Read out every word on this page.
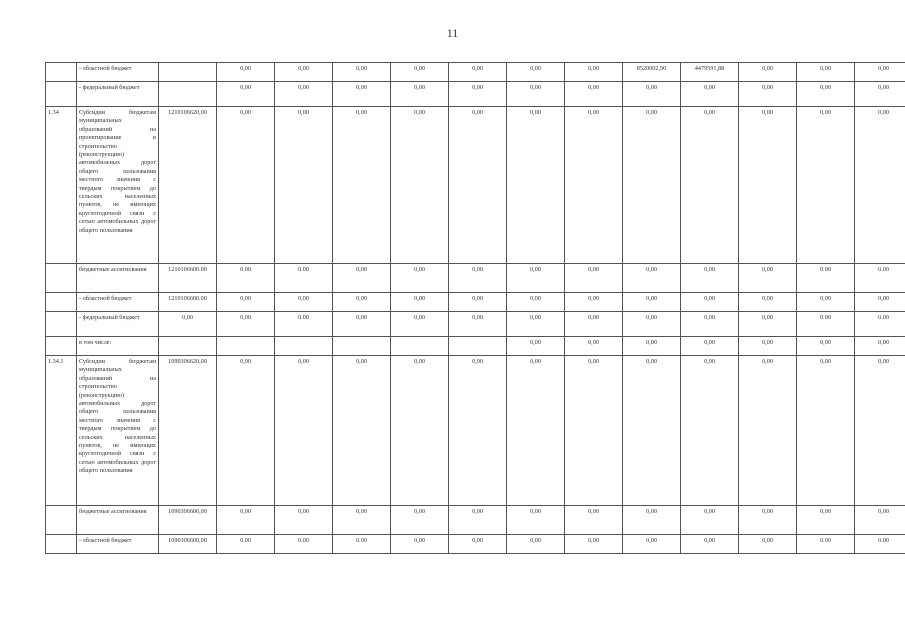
11
	- областной бюджет		0,00	0,00	0,00	0,00	0,00	0,00	0,00	8520002,90	4479591,88	0,00	0,00	0,00
	- федеральный бюджет		0,00	0,00	0,00	0,00	0,00	0,00	0,00	0,00	0,00	0,00	0,00	0,00
1.34	Субсидии бюджетам муниципальных образований на проектирование и строительство (реконструкцию) автомобильных дорог общего пользования местного значения с твердым покрытием до сельских населенных пунктов, не имеющих круглогодичной связи с сетью автомобильных дорог общего пользования	1210106620,00	0,00	0,00	0,00	0,00	0,00	0,00	0,00	0,00	0,00	0,00	0,00	0,00
	бюджетные ассигнования	1210106600.00	0.00	0.00	0,00	0,00	0,00	0,00	0,00	0,00	0,00	0,00	0.00	0.00
	- областной бюджет	1210106600.00	0,00	0,00	0,00	0,00	0,00	0,00	0,00	0,00	0,00	0,00	0,00	0,00
	- федеральный бюджет	0,00	0,00	0.00	0,00	0,00	0,00	0,00	0,00	0,00	0,00	0,00	0.00	0.00
	в том числе:							0,00	0,00	0,00	0,00	0,00	0,00	0,00
1.34.1	Субсидии бюджетам муниципальных образований на строительство (реконструкцию) автомобильных дорог общего пользования местного значения с твердым покрытием до сельских населенных пунктов, не имеющих круглогодичной связи с сетью автомобильных дорог общего пользования	1090306620,00	0,00	0,00	0,00	0,00	0,00	0,00	0,00	0,00	0,00	0,00	0,00	0,00
	бюджетные ассигнования	1090306600,00	0,00	0,00	0,00	0,00	0,00	0,00	0,00	0,00	0,00	0,00	0,00	0,00
	- областной бюджет	1090306600,00	0.00	0.00	0.00	0,00	0,00	0,00	0,00	0,00	0,00	0,00	0.00	0.00
